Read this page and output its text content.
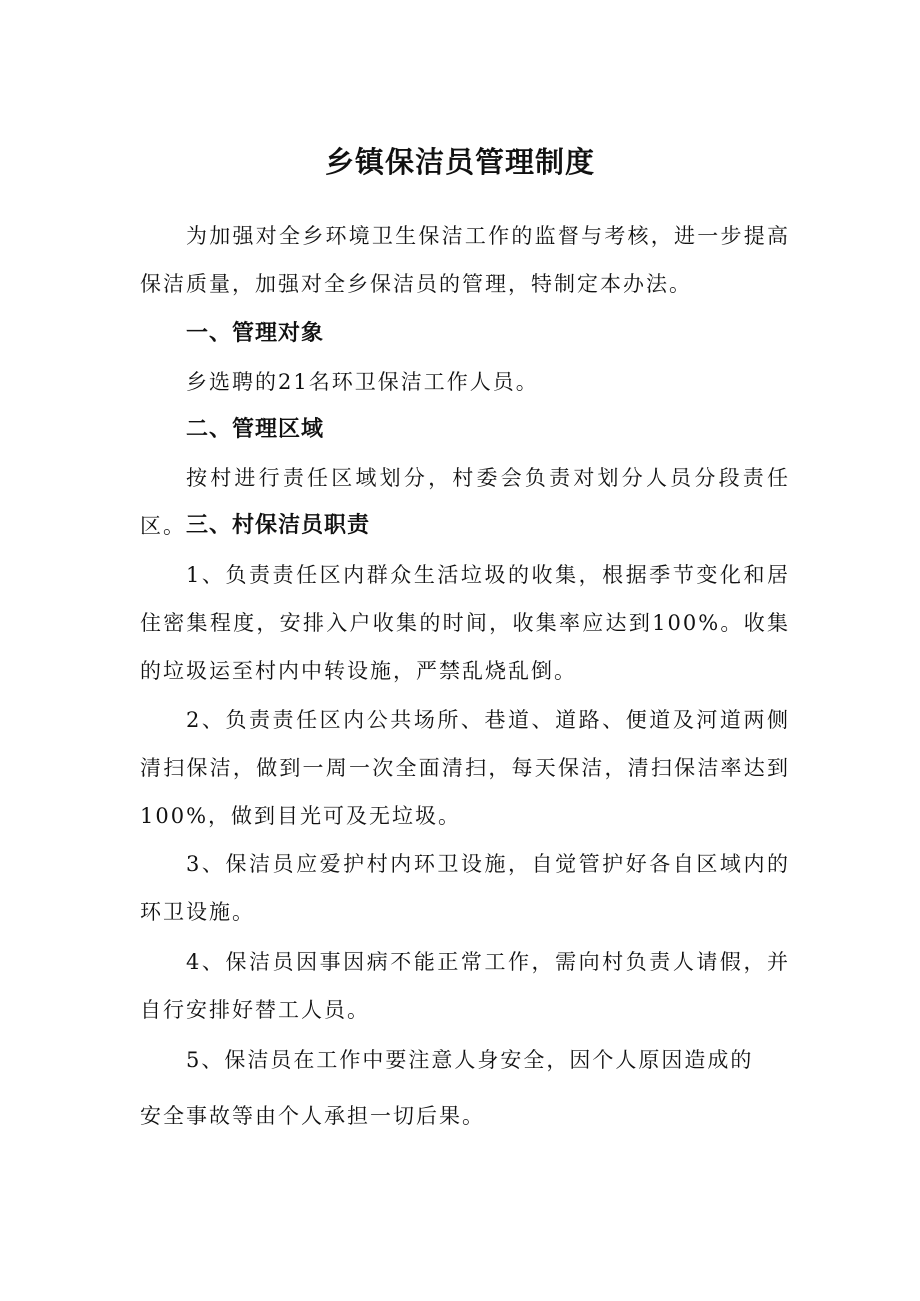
乡镇保洁员管理制度

为加强对全乡环境卫生保洁工作的监督与考核，进一步提高保洁质量，加强对全乡保洁员的管理，特制定本办法。

一、管理对象

乡选聘的21名环卫保洁工作人员。

二、管理区域

按村进行责任区域划分，村委会负责对划分人员分段责任区。 三、村保洁员职责

1、负责责任区内群众生活垃圾的收集，根据季节变化和居住密集程度，安排入户收集的时间，收集率应达到100%。收集的垃圾运至村内中转设施，严禁乱烧乱倒。

2、负责责任区内公共场所、巷道、道路、便道及河道两侧清扫保洁，做到一周一次全面清扫，每天保洁，清扫保洁率达到100%，做到目光可及无垃圾。

3、保洁员应爱护村内环卫设施，自觉管护好各自区域内的环卫设施。

4、保洁员因事因病不能正常工作，需向村负责人请假，并自行安排好替工人员。

5、保洁员在工作中要注意人身安全，因个人原因造成的

安全事故等由个人承担一切后果。
